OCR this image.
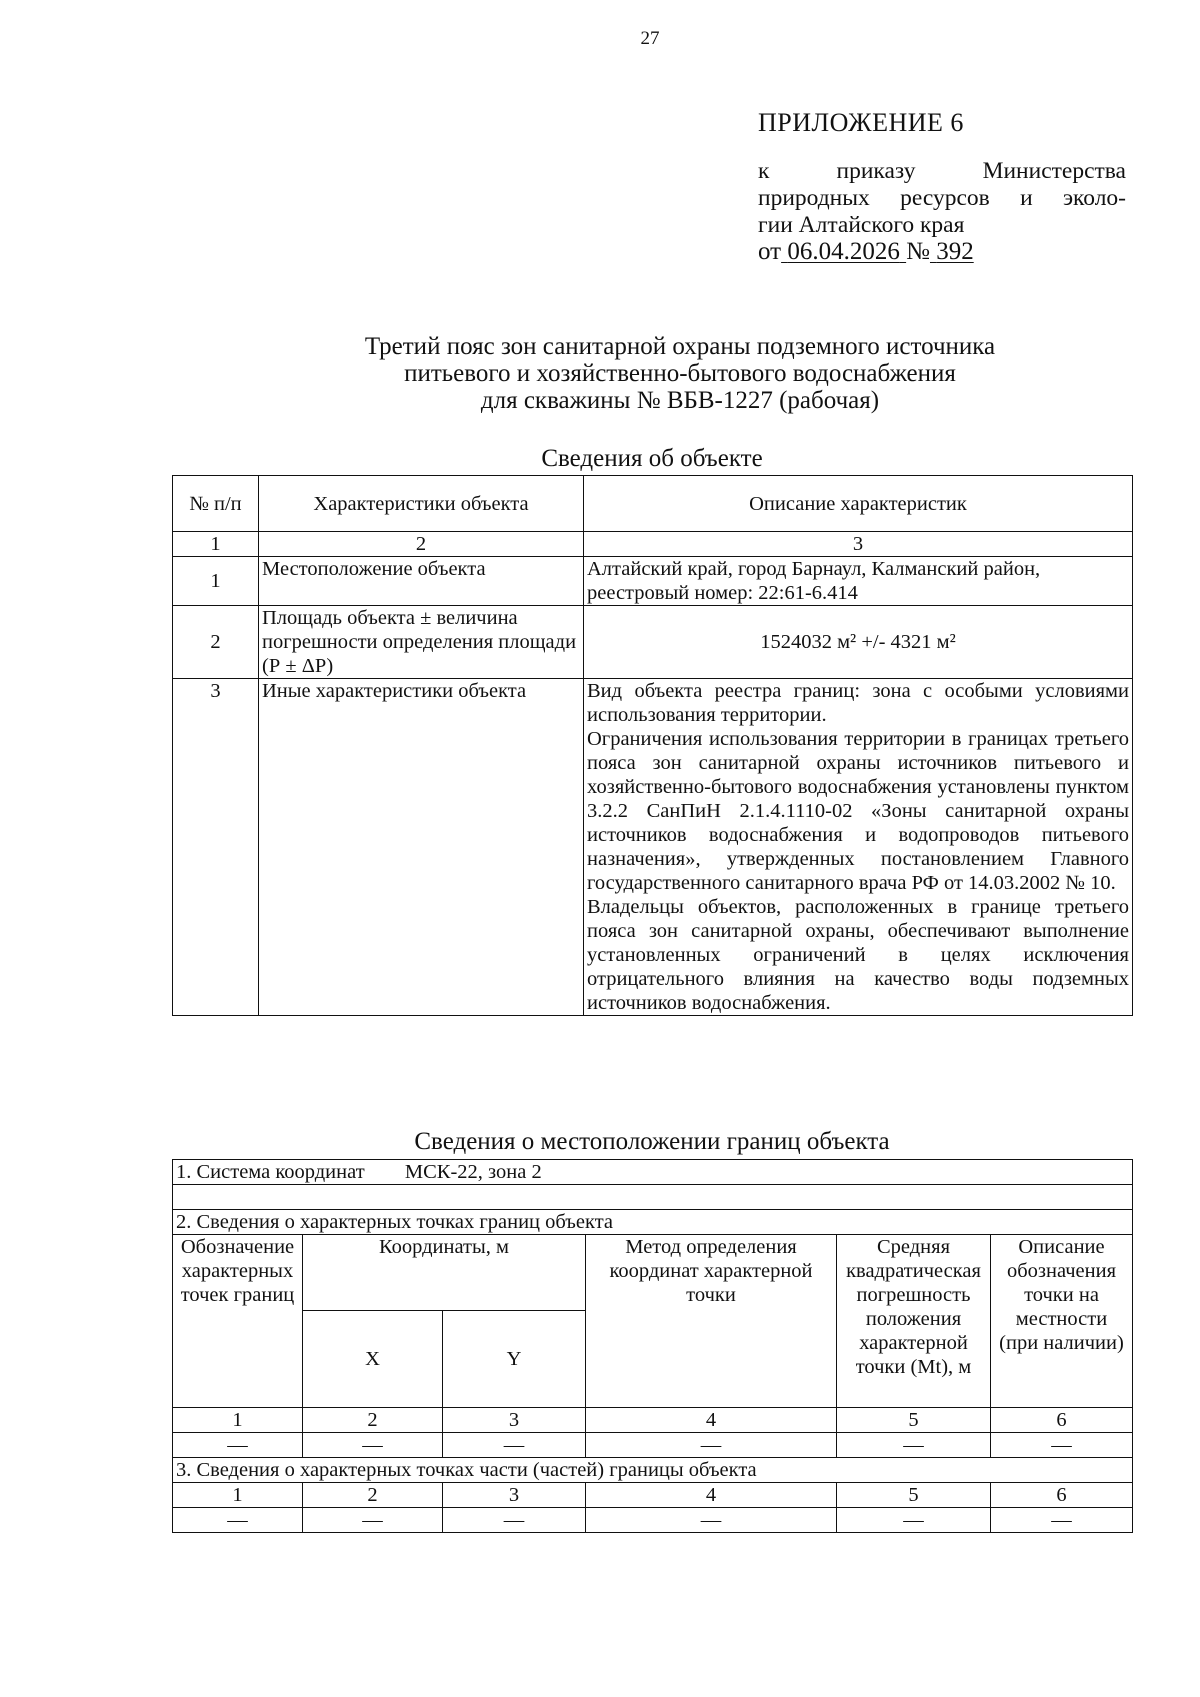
27
ПРИЛОЖЕНИЕ 6
к приказу Министерства
природных ресурсов и эколо-
гии Алтайского края
от 06.04.2026 № 392
Третий пояс зон санитарной охраны подземного источника
питьевого и хозяйственно-бытового водоснабжения
для скважины № ВБВ-1227 (рабочая)
Сведения об объекте
№ п/п	Характеристики объекта	Описание характеристик
1	2	3
1	Местоположение объекта	Алтайский край, город Барнаул, Калманский район, реестровый номер: 22:61-6.414
2	Площадь объекта ± величина погрешности определения площади (Р ± ΔР)	1524032 м² +/- 4321 м²
3	Иные характеристики объекта	Вид объекта реестра границ: зона с особыми условиями использования территории.
Ограничения использования территории в границах третьего пояса зон санитарной охраны источников питьевого и хозяйственно-бытового водоснабжения установлены пунктом 3.2.2 СанПиН 2.1.4.1110-02 «Зоны санитарной охраны источников водоснабжения и водопроводов питьевого назначения», утвержденных постановлением Главного государственного санитарного врача РФ от 14.03.2002 № 10.
Владельцы объектов, расположенных в границе третьего пояса зон санитарной охраны, обеспечивают выполнение установленных ограничений в целях исключения отрицательного влияния на качество воды подземных источников водоснабжения.
Сведения о местоположении границ объекта
1. Система координат МСК-22, зона 2					

2. Сведения о характерных точках границ объекта					
Обозначение характерных точек границ	Координаты, м		Метод определения координат характерной точки	Средняя квадратическая погрешность положения характерной точки (Mt), м	Описание обозначения точки на местности (при наличии)
	X	Y			
1	2	3	4	5	6
—	—	—	—	—	—
3. Сведения о характерных точках части (частей) границы объекта					
1	2	3	4	5	6
—	—	—	—	—	—
